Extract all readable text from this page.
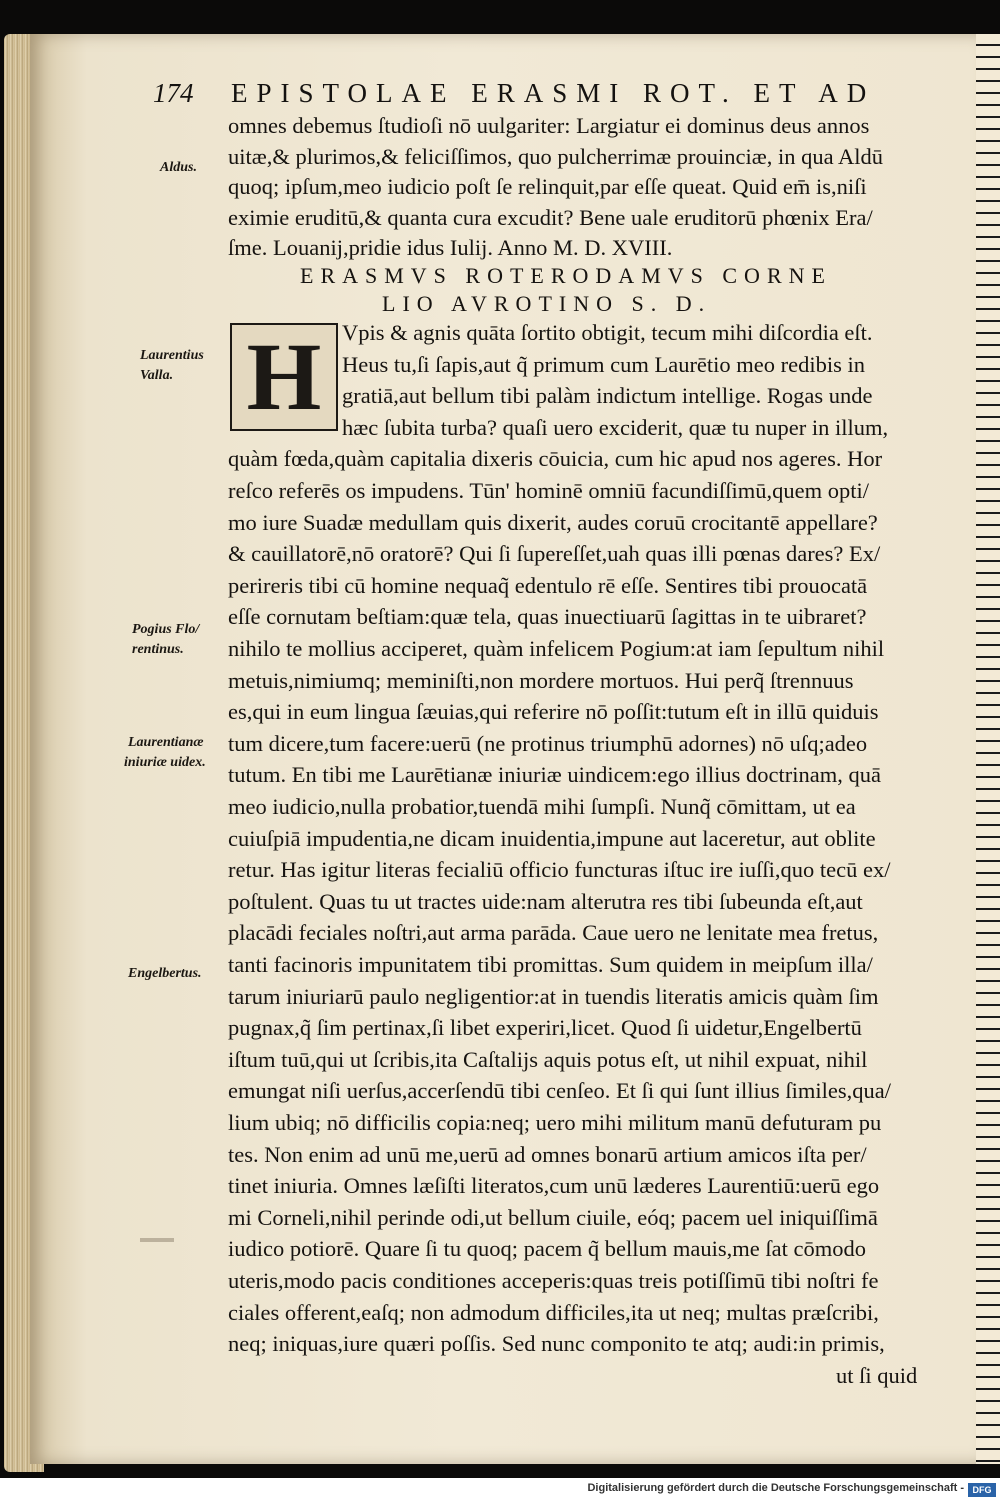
174 EPISTOLAE ERASMI ROT. ET AD
omnes debemus ſtudioſi nō uulgariter: Largiatur ei dominus deus annos
uitæ,& plurimos,& feliciſſimos, quo pulcherrimæ prouinciæ, in qua Aldū
quoq; ipſum,meo iudicio poſt ſe relinquit,par eſſe queat. Quid em̄ is,niſi
eximie eruditū,& quanta cura excudit? Bene uale eruditorū phœnix Era/
ſme. Louanij,pridie idus Iulij. Anno M. D. XVIII.
ERASMVS ROTERODAMVS CORNE
LIO AVROTINO S. D.
H Vpis & agnis quāta ſortito obtigit, tecum mihi diſcordia eſt.
Heus tu,ſi ſapis,aut q̃ primum cum Laurētio meo redibis in
gratiā,aut bellum tibi palàm indictum intellige. Rogas unde
hæc ſubita turba? quaſi uero exciderit, quæ tu nuper in illum,
quàm fœda,quàm capitalia dixeris cōuicia, cum hic apud nos ageres. Hor
reſco referēs os impudens. Tūn' hominē omniū facundiſſimū,quem opti/
mo iure Suadæ medullam quis dixerit, audes coruū crocitantē appellare?
& cauillatorē,nō oratorē? Qui ſi ſupereſſet,uah quas illi pœnas dares? Ex/
perireris tibi cū homine nequaq̃ edentulo rē eſſe. Sentires tibi prouocatā
eſſe cornutam beſtiam:quæ tela, quas inuectiuarū ſagittas in te uibraret?
nihilo te mollius acciperet, quàm infelicem Pogium:at iam ſepultum nihil
metuis,nimiumq; meminiſti,non mordere mortuos. Hui perq̃ ſtrennuus
es,qui in eum lingua ſæuias,qui referire nō poſſit:tutum eſt in illū quiduis
tum dicere,tum facere:uerū (ne protinus triumphū adornes) nō uſq;adeo
tutum. En tibi me Laurētianæ iniuriæ uindicem:ego illius doctrinam, quā
meo iudicio,nulla probatior,tuendā mihi ſumpſi. Nunq̃ cōmittam, ut ea
cuiuſpiā impudentia,ne dicam inuidentia,impune aut laceretur, aut oblite
retur. Has igitur literas fecialiū officio functuras iſtuc ire iuſſi,quo tecū ex/
poſtulent. Quas tu ut tractes uide:nam alterutra res tibi ſubeunda eſt,aut
placādi feciales noſtri,aut arma parāda. Caue uero ne lenitate mea fretus,
tanti facinoris impunitatem tibi promittas. Sum quidem in meipſum illa/
tarum iniuriarū paulo negligentior:at in tuendis literatis amicis quàm ſim
pugnax,q̃ ſim pertinax,ſi libet experiri,licet. Quod ſi uidetur,Engelbertū
iſtum tuū,qui ut ſcribis,ita Caſtalijs aquis potus eſt, ut nihil expuat, nihil
emungat niſi uerſus,accerſendū tibi cenſeo. Et ſi qui ſunt illius ſimiles,qua/
lium ubiq; nō difficilis copia:neq; uero mihi militum manū defuturam pu
tes. Non enim ad unū me,uerū ad omnes bonarū artium amicos iſta per/
tinet iniuria. Omnes læſiſti literatos,cum unū læderes Laurentiū:uerū ego
mi Corneli,nihil perinde odi,ut bellum ciuile, eóq; pacem uel iniquiſſimā
iudico potiorē. Quare ſi tu quoq; pacem q̃ bellum mauis,me ſat cōmodo
uteris,modo pacis conditiones acceperis:quas treis potiſſimū tibi noſtri fe
ciales offerent,eaſq; non admodum difficiles,ita ut neq; multas præſcribi,
neq; iniquas,iure quæri poſſis. Sed nunc componito te atq; audi:in primis,
ut ſi quid
Aldus.
Laurentius
Valla.
Pogius Flo/
rentinus.
Laurentianæ
iniuriæ uidex.
Engelbertus.
Digitalisierung gefördert durch die Deutsche Forschungsgemeinschaft - DFG
